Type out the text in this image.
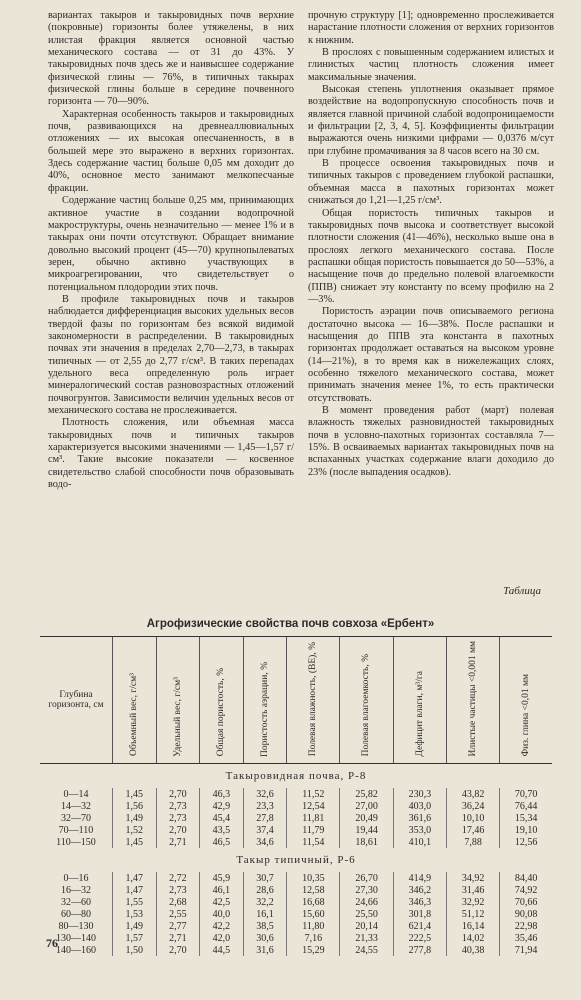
вариантах такыров и такыровидных почв верхние (покровные) горизонты более утяжелены, в них илистая фракция является основной частью механического состава — от 31 до 43%. У такыровидных почв здесь же и наивысшее содержание физической глины — 76%, в типичных такырах физической глины больше в середине почвенного горизонта — 70—90%.

Характерная особенность такыров и такыровидных почв, развивающихся на древнеаллювиальных отложениях — их высокая опесчаненность, в в большей мере это выражено в верхних горизонтах. Здесь содержание частиц больше 0,05 мм доходит до 40%, основное место занимают мелкопесчаные фракции.

Содержание частиц больше 0,25 мм, принимающих активное участие в создании водопрочной макроструктуры, очень незначительно — менее 1% и в такырах они почти отсутствуют. Обращает внимание довольно высокий процент (45—70) крупнопылеватых зерен, обычно активно участвующих в микроагрегировании, что свидетельствует о потенциальном плодородии этих почв.

В профиле такыровидных почв и такыров наблюдается дифференциация высоких удельных весов твердой фазы по горизонтам без всякой видимой закономерности в распределении. В такыровидных почвах эти значения в пределах 2,70—2,73, в такырах типичных — от 2,55 до 2,77 г/см³. В таких перепадах удельного веса определенную роль играет минералогический состав разновозрастных отложений почвогрунтов. Зависимости величин удельных весов от механического состава не прослеживается.

Плотность сложения, или объемная масса такыровидных почв и типичных такыров характеризуется высокими значениями — 1,45—1,57 г/см³. Такие высокие показатели — косвенное свидетельство слабой способности почв образовывать водо-

прочную структуру [1]; одновременно прослеживается нарастание плотности сложения от верхних горизонтов к нижним.

В прослоях с повышенным содержанием илистых и глинистых частиц плотность сложения имеет максимальные значения.

Высокая степень уплотнения оказывает прямое воздействие на водопропускную способность почв и является главной причиной слабой водопроницаемости и фильтрации [2, 3, 4, 5]. Коэффициенты фильтрации выражаются очень низкими цифрами — 0,0376 м/сут при глубине промачивания за 8 часов всего на 30 см.

В процессе освоения такыровидных почв и типичных такыров с проведением глубокой распашки, объемная масса в пахотных горизонтах может снижаться до 1,21—1,25 г/см³.

Общая пористость типичных такыров и такыровидных почв высока и соответствует высокой плотности сложения (41—46%), несколько выше она в прослоях легкого механического состава. После распашки общая пористость повышается до 50—53%, а насыщение почв до предельно полевой влагоемкости (ППВ) снижает эту константу по всему профилю на 2—3%.

Пористость аэрации почв описываемого региона достаточно высока — 16—38%. После распашки и насыщения до ППВ эта константа в пахотных горизонтах продолжает оставаться на высоком уровне (14—21%), в то время как в нижележащих слоях, особенно тяжелого механического состава, может принимать значения менее 1%, то есть практически отсутствовать.

В момент проведения работ (март) полевая влажность тяжелых разновидностей такыровидных почв в условно-пахотных горизонтах составляла 7—15%. В осваиваемых вариантах такыровидных почв на вспаханных участках содержание влаги доходило до 23% (после выпадения осадков).

Таблица
Агрофизические свойства почв совхоза «Ербент»
Глубина горизонта, см	Объемный вес, г/см³	Удельный вес, г/см³	Общая пористость, %	Пористость аэрации, %	Полевая влажность, (ВЕ), %	Полевая влагоемкость, %	Дефицит влаги, м³/га	Илистые частицы <0,001 мм	Физ. глина <0,01 мм
Такыровидная почва, Р-8									
0—14	1,45	2,70	46,3	32,6	11,52	25,82	230,3	43,82	70,70
14—32	1,56	2,73	42,9	23,3	12,54	27,00	403,0	36,24	76,44
32—70	1,49	2,73	45,4	27,8	11,81	20,49	361,6	10,10	15,34
70—110	1,52	2,70	43,5	37,4	11,79	19,44	353,0	17,46	19,10
110—150	1,45	2,71	46,5	34,6	11,54	18,61	410,1	7,88	12,56
Такыр типичный, Р-6									
0—16	1,47	2,72	45,9	30,7	10,35	26,70	414,9	34,92	84,40
16—32	1,47	2,73	46,1	28,6	12,58	27,30	346,2	31,46	74,92
32—60	1,55	2,68	42,5	32,2	16,68	24,66	346,3	32,92	70,66
60—80	1,53	2,55	40,0	16,1	15,60	25,50	301,8	51,12	90,08
80—130	1,49	2,77	42,2	38,5	11,80	20,14	621,4	16,14	22,98
130—140	1,57	2,71	42,0	30,6	7,16	21,33	222,5	14,02	35,46
140—160	1,50	2,70	44,5	31,6	15,29	24,55	277,8	40,38	71,94
76
